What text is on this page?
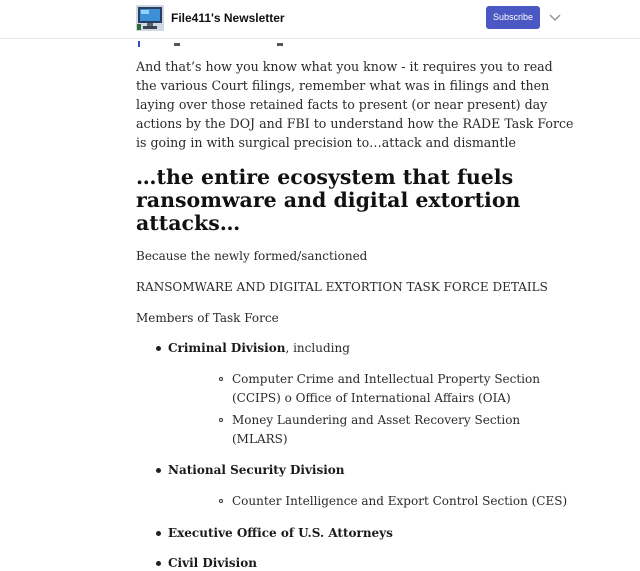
File411's Newsletter	Subscribe

And that’s how you know what you know - it requires you to read the various Court filings, remember what was in filings and then laying over those retained facts to present (or near present) day actions by the DOJ and FBI to understand how the RADE Task Force is going in with surgical precision to…attack and dismantle

…the entire ecosystem that fuels ransomware and digital extortion attacks…

Because the newly formed/sanctioned

RANSOMWARE AND DIGITAL EXTORTION TASK FORCE DETAILS

Members of Task Force

Criminal Division, including
Computer Crime and Intellectual Property Section (CCIPS) o Office of International Affairs (OIA)
Money Laundering and Asset Recovery Section (MLARS)
National Security Division
Counter Intelligence and Export Control Section (CES)
Executive Office of U.S. Attorneys
Civil Division
